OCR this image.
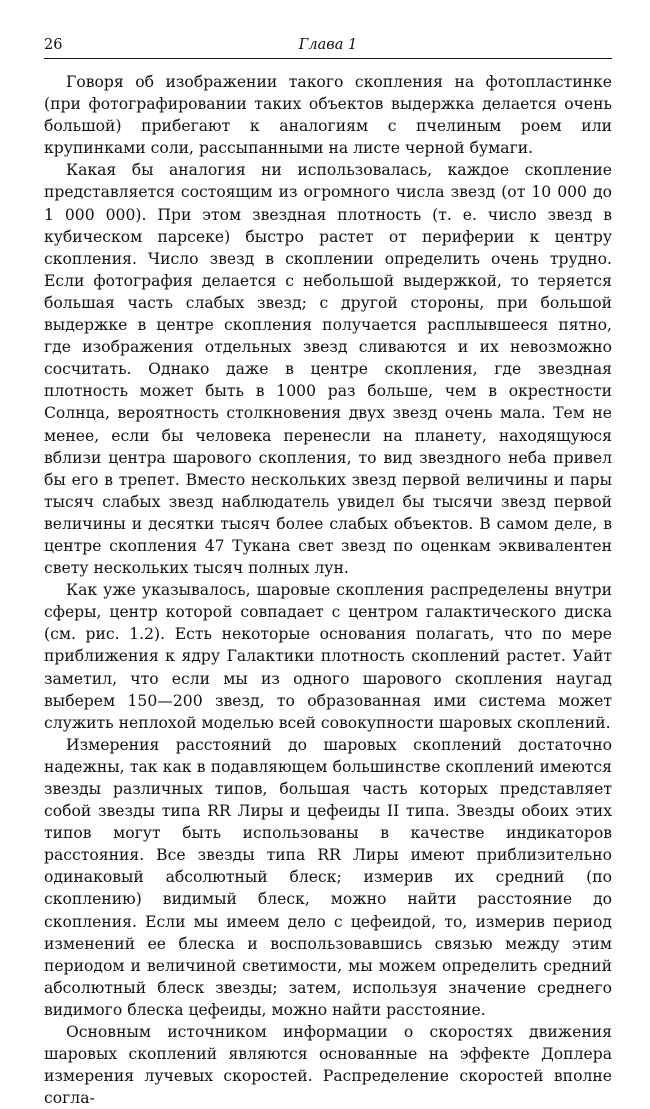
26	Глава 1

Говоря об изображении такого скопления на фотопластинке (при фотографировании таких объектов выдержка делается очень большой) прибегают к аналогиям с пчелиным роем или крупинками соли, рассыпанными на листе черной бумаги.

Какая бы аналогия ни использовалась, каждое скопление представляется состоящим из огромного числа звезд (от 10 000 до 1 000 000). При этом звездная плотность (т. е. число звезд в кубическом парсеке) быстро растет от периферии к центру скопления. Число звезд в скоплении определить очень трудно. Если фотография делается с небольшой выдержкой, то теряется большая часть слабых звезд; с другой стороны, при большой выдержке в центре скопления получается расплывшееся пятно, где изображения отдельных звезд сливаются и их невозможно сосчитать. Однако даже в центре скопления, где звездная плотность может быть в 1000 раз больше, чем в окрестности Солнца, вероятность столкновения двух звезд очень мала. Тем не менее, если бы человека перенесли на планету, находящуюся вблизи центра шарового скопления, то вид звездного неба привел бы его в трепет. Вместо нескольких звезд первой величины и пары тысяч слабых звезд наблюдатель увидел бы тысячи звезд первой величины и десятки тысяч более слабых объектов. В самом деле, в центре скопления 47 Тукана свет звезд по оценкам эквивалентен свету нескольких тысяч полных лун.

Как уже указывалось, шаровые скопления распределены внутри сферы, центр которой совпадает с центром галактического диска (см. рис. 1.2). Есть некоторые основания полагать, что по мере приближения к ядру Галактики плотность скоплений растет. Уайт заметил, что если мы из одного шарового скопления наугад выберем 150—200 звезд, то образованная ими система может служить неплохой моделью всей совокупности шаровых скоплений.

Измерения расстояний до шаровых скоплений достаточно надежны, так как в подавляющем большинстве скоплений имеются звезды различных типов, большая часть которых представляет собой звезды типа RR Лиры и цефеиды II типа. Звезды обоих этих типов могут быть использованы в качестве индикаторов расстояния. Все звезды типа RR Лиры имеют приблизительно одинаковый абсолютный блеск; измерив их средний (по скоплению) видимый блеск, можно найти расстояние до скопления. Если мы имеем дело с цефеидой, то, измерив период изменений ее блеска и воспользовавшись связью между этим периодом и величиной светимости, мы можем определить средний абсолютный блеск звезды; затем, используя значение среднего видимого блеска цефеиды, можно найти расстояние.

Основным источником информации о скоростях движения шаровых скоплений являются основанные на эффекте Доплера измерения лучевых скоростей. Распределение скоростей вполне согла-
